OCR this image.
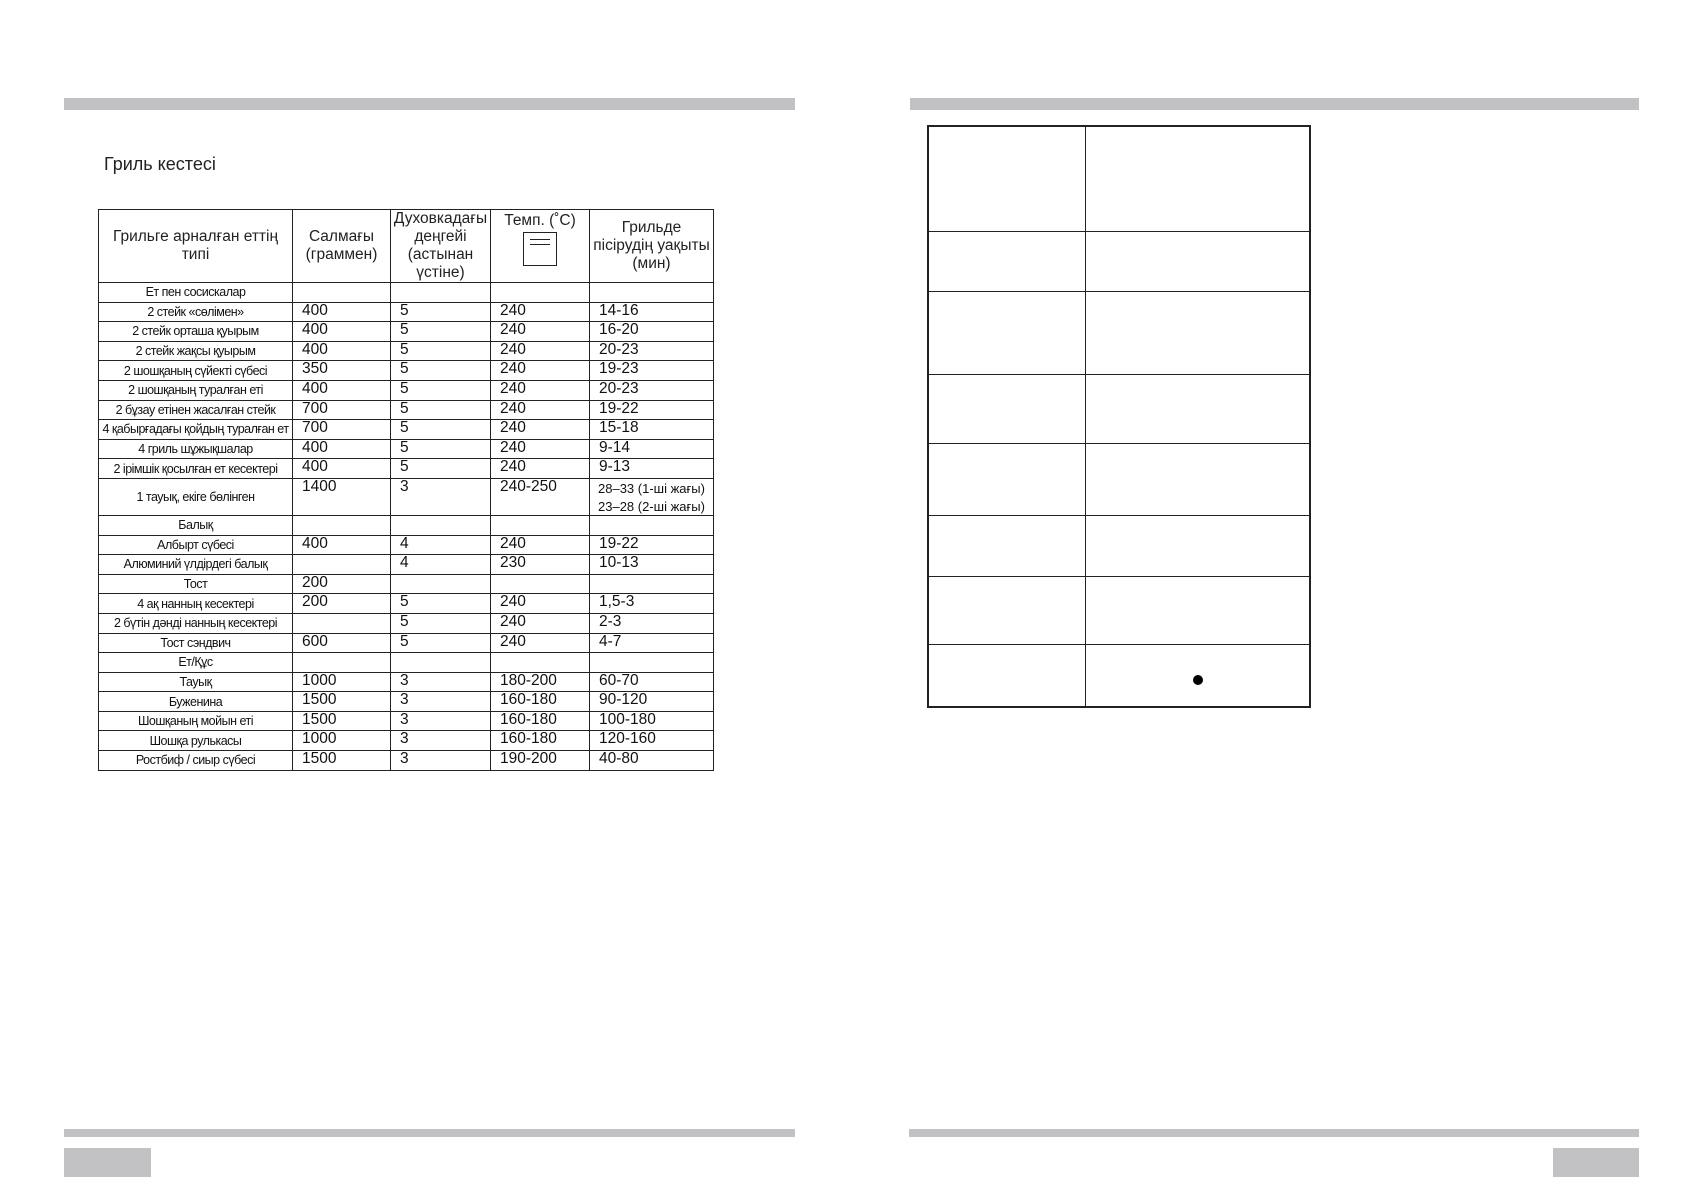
Гриль кестесі
Грильге арналған еттің типі	Салмағы (граммен)	Духовкадағы деңгейі (астынан үстіне)	Темп. (˚C)	Грильде пісірудің уақыты (мин)
Ет пен сосискалар				
2 стейк «сөлімен»	400	5	240	14-16
2 стейк орташа қуырым	400	5	240	16-20
2 стейк жақсы қуырым	400	5	240	20-23
2 шошқаның сүйекті сүбесі	350	5	240	19-23
2 шошқаның туралған еті	400	5	240	20-23
2 бұзау етінен жасалған стейк	700	5	240	19-22
4 қабырғадағы қойдың туралған ет	700	5	240	15-18
4 гриль шұжықшалар	400	5	240	9-14
2 ірімшік қосылған ет кесектері	400	5	240	9-13
1 тауық, екіге бөлінген	1400	3	240-250	28–33 (1-ші жағы)
23–28 (2-ші жағы)

Балық				
Албырт сүбесі	400	4	240	19-22
Алюминий үлдірдегі балық		4	230	10-13
Тост	200			
4 ақ нанның кесектері	200	5	240	1,5-3
2 бүтін дәнді нанның кесектері		5	240	2-3
Тост сэндвич	600	5	240	4-7
Ет/Құс				
Тауық	1000	3	180-200	60-70
Буженина	1500	3	160-180	90-120
Шошқаның мойын еті	1500	3	160-180	100-180
Шошқа рулькасы	1000	3	160-180	120-160
Ростбиф / сиыр сүбесі	1500	3	190-200	40-80
